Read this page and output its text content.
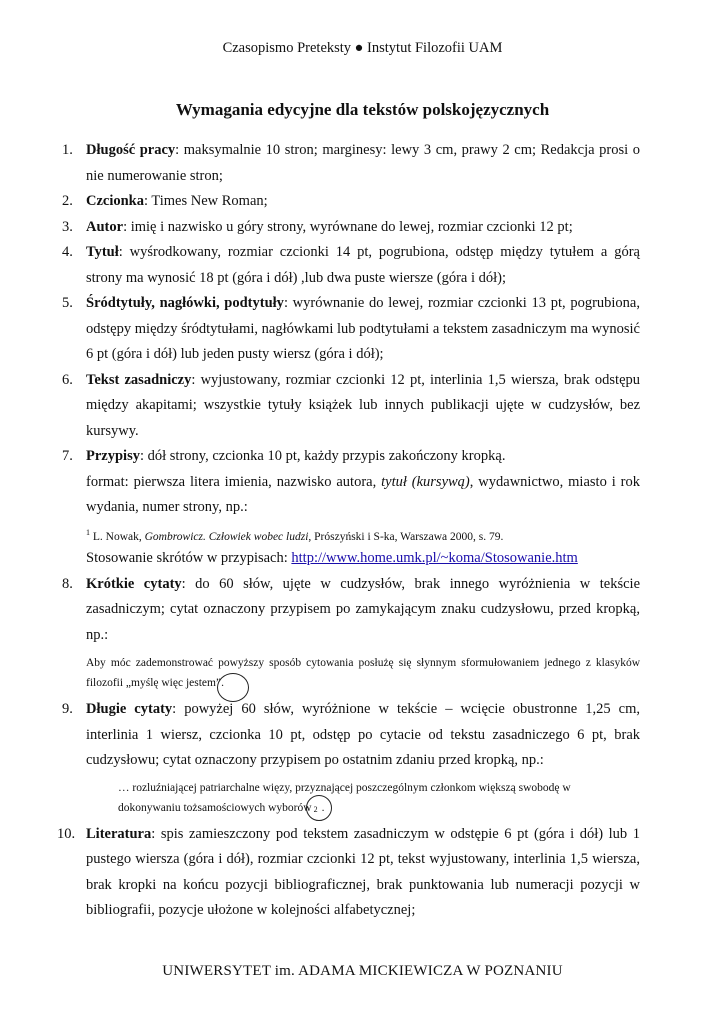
Czasopismo Preteksty ● Instytut Filozofii UAM
Wymagania edycyjne dla tekstów polskojęzycznych
1. Długość pracy: maksymalnie 10 stron; marginesy: lewy 3 cm, prawy 2 cm; Redakcja prosi o nie numerowanie stron;
2. Czcionka: Times New Roman;
3. Autor: imię i nazwisko u góry strony, wyrównane do lewej, rozmiar czcionki 12 pt;
4. Tytuł: wyśrodkowany, rozmiar czcionki 14 pt, pogrubiona, odstęp między tytułem a górą strony ma wynosić 18 pt (góra i dół) ,lub dwa puste wiersze (góra i dół);
5. Śródtytuły, nagłówki, podtytuły: wyrównanie do lewej, rozmiar czcionki 13 pt, pogrubiona, odstępy między śródtytułami, nagłówkami lub podtytułami a tekstem zasadniczym ma wynosić 6 pt (góra i dół) lub jeden pusty wiersz (góra i dół);
6. Tekst zasadniczy: wyjustowany, rozmiar czcionki 12 pt, interlinia 1,5 wiersza, brak odstępu między akapitami; wszystkie tytuły książek lub innych publikacji ujęte w cudzysłów, bez kursywy.
7. Przypisy: dół strony, czcionka 10 pt, każdy przypis zakończony kropką.
format: pierwsza litera imienia, nazwisko autora, tytuł (kursywą), wydawnictwo, miasto i rok wydania, numer strony, np.:
$^1$ L. Nowak, Gombrowicz. Człowiek wobec ludzi, Prószyński i S-ka, Warszawa 2000, s. 79.
Stosowanie skrótów w przypisach: http://www.home.umk.pl/~koma/Stosowanie.htm
8. Krótkie cytaty: do 60 słów, ujęte w cudzysłów, brak innego wyróżnienia w tekście zasadniczym; cytat oznaczony przypisem po zamykającym znaku cudzysłowu, przed kropką, np.:
Aby móc zademonstrować powyższy sposób cytowania posłużę się słynnym sformułowaniem jednego z klasyków filozofii „myślę więc jestem”
.
9. Długie cytaty: powyżej 60 słów, wyróżnione w tekście – wcięcie obustronne 1,25 cm, interlinia 1 wiersz, czcionka 10 pt, odstęp po cytacie od tekstu zasadniczego 6 pt, brak cudzysłowu; cytat oznaczony przypisem po ostatnim zdaniu przed kropką, np.:
… rozluźniającej patriarchalne więzy, przyznającej poszczególnym członkom większą swobodę w dokonywaniu tożsamościowych wyborów 2 .
10. Literatura: spis zamieszczony pod tekstem zasadniczym w odstępie 6 pt (góra i dół) lub 1 pustego wiersza (góra i dół), rozmiar czcionki 12 pt, tekst wyjustowany, interlinia 1,5 wiersza, brak kropki na końcu pozycji bibliograficznej, brak punktowania lub numeracji pozycji w bibliografii, pozycje ułożone w kolejności alfabetycznej;
UNIWERSYTET im. ADAMA MICKIEWICZA W POZNANIU
